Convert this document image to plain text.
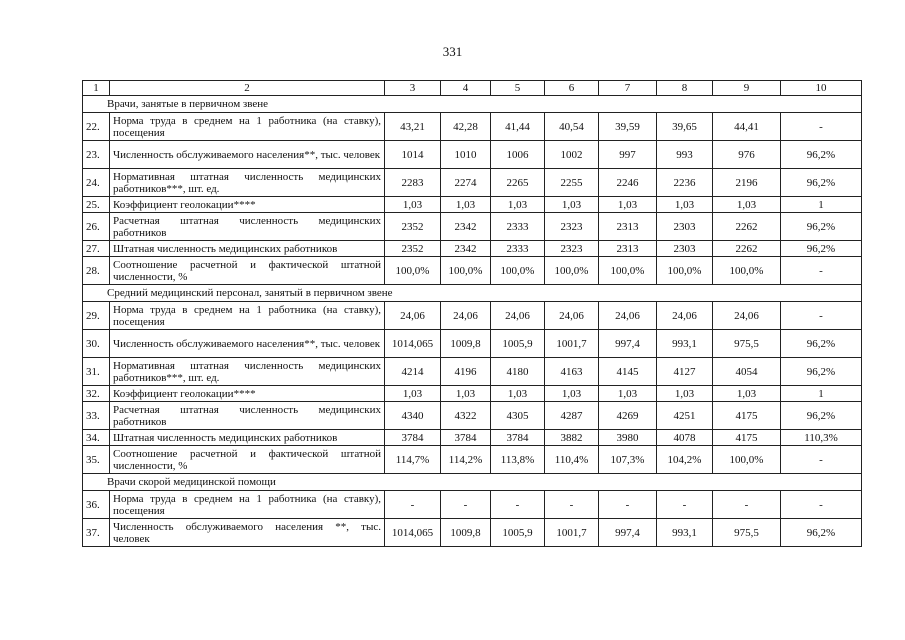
331
1	2	3	4	5	6	7	8	9	10
Врачи, занятые в первичном звене									
22.	Норма труда в среднем на 1 работника (на ставку), посещения	43,21	42,28	41,44	40,54	39,59	39,65	44,41	-
23.	Численность обслуживаемого населения**, тыс. человек	1014	1010	1006	1002	997	993	976	96,2%
24.	Нормативная штатная численность медицинских работников***, шт. ед.	2283	2274	2265	2255	2246	2236	2196	96,2%
25.	Коэффициент геолокации****	1,03	1,03	1,03	1,03	1,03	1,03	1,03	1
26.	Расчетная штатная численность медицинских работников	2352	2342	2333	2323	2313	2303	2262	96,2%
27.	Штатная численность медицинских работников	2352	2342	2333	2323	2313	2303	2262	96,2%
28.	Соотношение расчетной и фактической штатной численности, %	100,0%	100,0%	100,0%	100,0%	100,0%	100,0%	100,0%	-
Средний медицинский персонал, занятый в первичном звене									
29.	Норма труда в среднем на 1 работника (на ставку), посещения	24,06	24,06	24,06	24,06	24,06	24,06	24,06	-
30.	Численность обслуживаемого населения**, тыс. человек	1014,065	1009,8	1005,9	1001,7	997,4	993,1	975,5	96,2%
31.	Нормативная штатная численность медицинских работников***, шт. ед.	4214	4196	4180	4163	4145	4127	4054	96,2%
32.	Коэффициент геолокации****	1,03	1,03	1,03	1,03	1,03	1,03	1,03	1
33.	Расчетная штатная численность медицинских работников	4340	4322	4305	4287	4269	4251	4175	96,2%
34.	Штатная численность медицинских работников	3784	3784	3784	3882	3980	4078	4175	110,3%
35.	Соотношение расчетной и фактической штатной численности, %	114,7%	114,2%	113,8%	110,4%	107,3%	104,2%	100,0%	-
Врачи скорой медицинской помощи									
36.	Норма труда в среднем на 1 работника (на ставку), посещения	-	-	-	-	-	-	-	-
37.	Численность обслуживаемого населения **, тыс. человек	1014,065	1009,8	1005,9	1001,7	997,4	993,1	975,5	96,2%
